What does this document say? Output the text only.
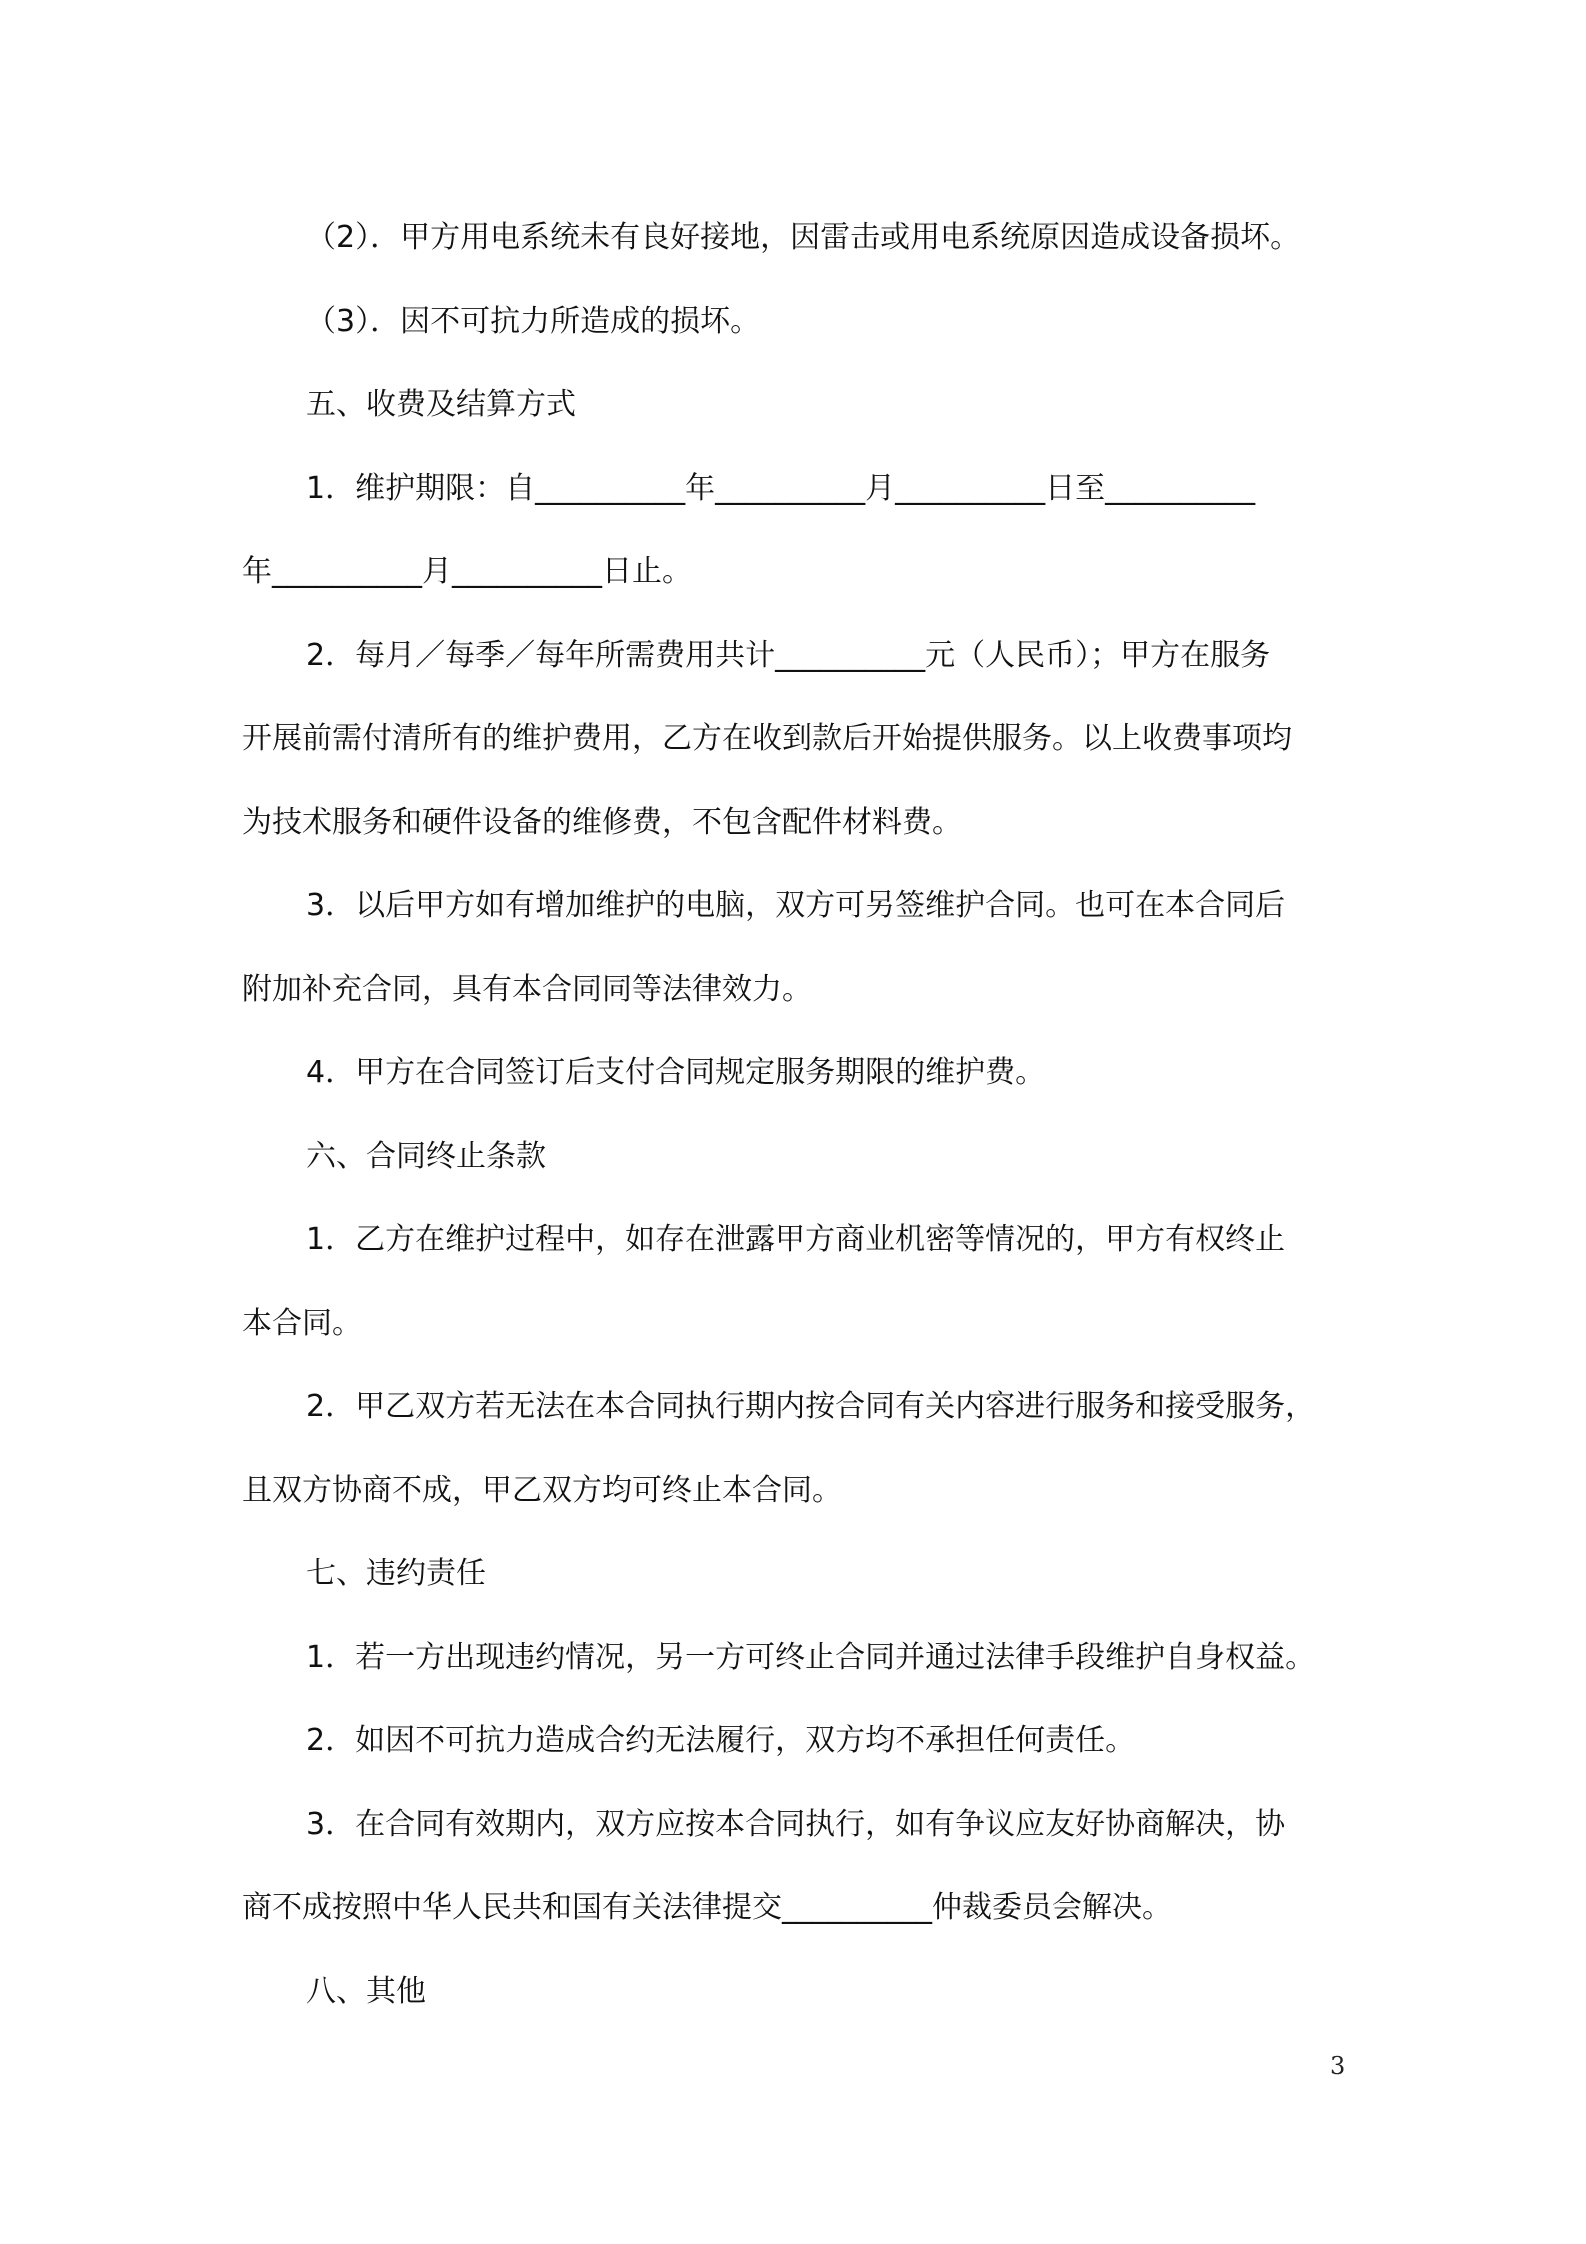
（2）．甲方用电系统未有良好接地，因雷击或用电系统原因造成设备损坏。
（3）．因不可抗力所造成的损坏。
五、收费及结算方式
1．维护期限：自__________年__________月__________日至__________
年__________月__________日止。
2．每月／每季／每年所需费用共计__________元（人民币）；甲方在服务
开展前需付清所有的维护费用，乙方在收到款后开始提供服务。以上收费事项均
为技术服务和硬件设备的维修费，不包含配件材料费。
3．以后甲方如有增加维护的电脑，双方可另签维护合同。也可在本合同后
附加补充合同，具有本合同同等法律效力。
4．甲方在合同签订后支付合同规定服务期限的维护费。
六、合同终止条款
1．乙方在维护过程中，如存在泄露甲方商业机密等情况的，甲方有权终止
本合同。
2．甲乙双方若无法在本合同执行期内按合同有关内容进行服务和接受服务，
且双方协商不成，甲乙双方均可终止本合同。
七、违约责任
1．若一方出现违约情况，另一方可终止合同并通过法律手段维护自身权益。
2．如因不可抗力造成合约无法履行，双方均不承担任何责任。
3．在合同有效期内，双方应按本合同执行，如有争议应友好协商解决，协
商不成按照中华人民共和国有关法律提交__________仲裁委员会解决。
八、其他
3
